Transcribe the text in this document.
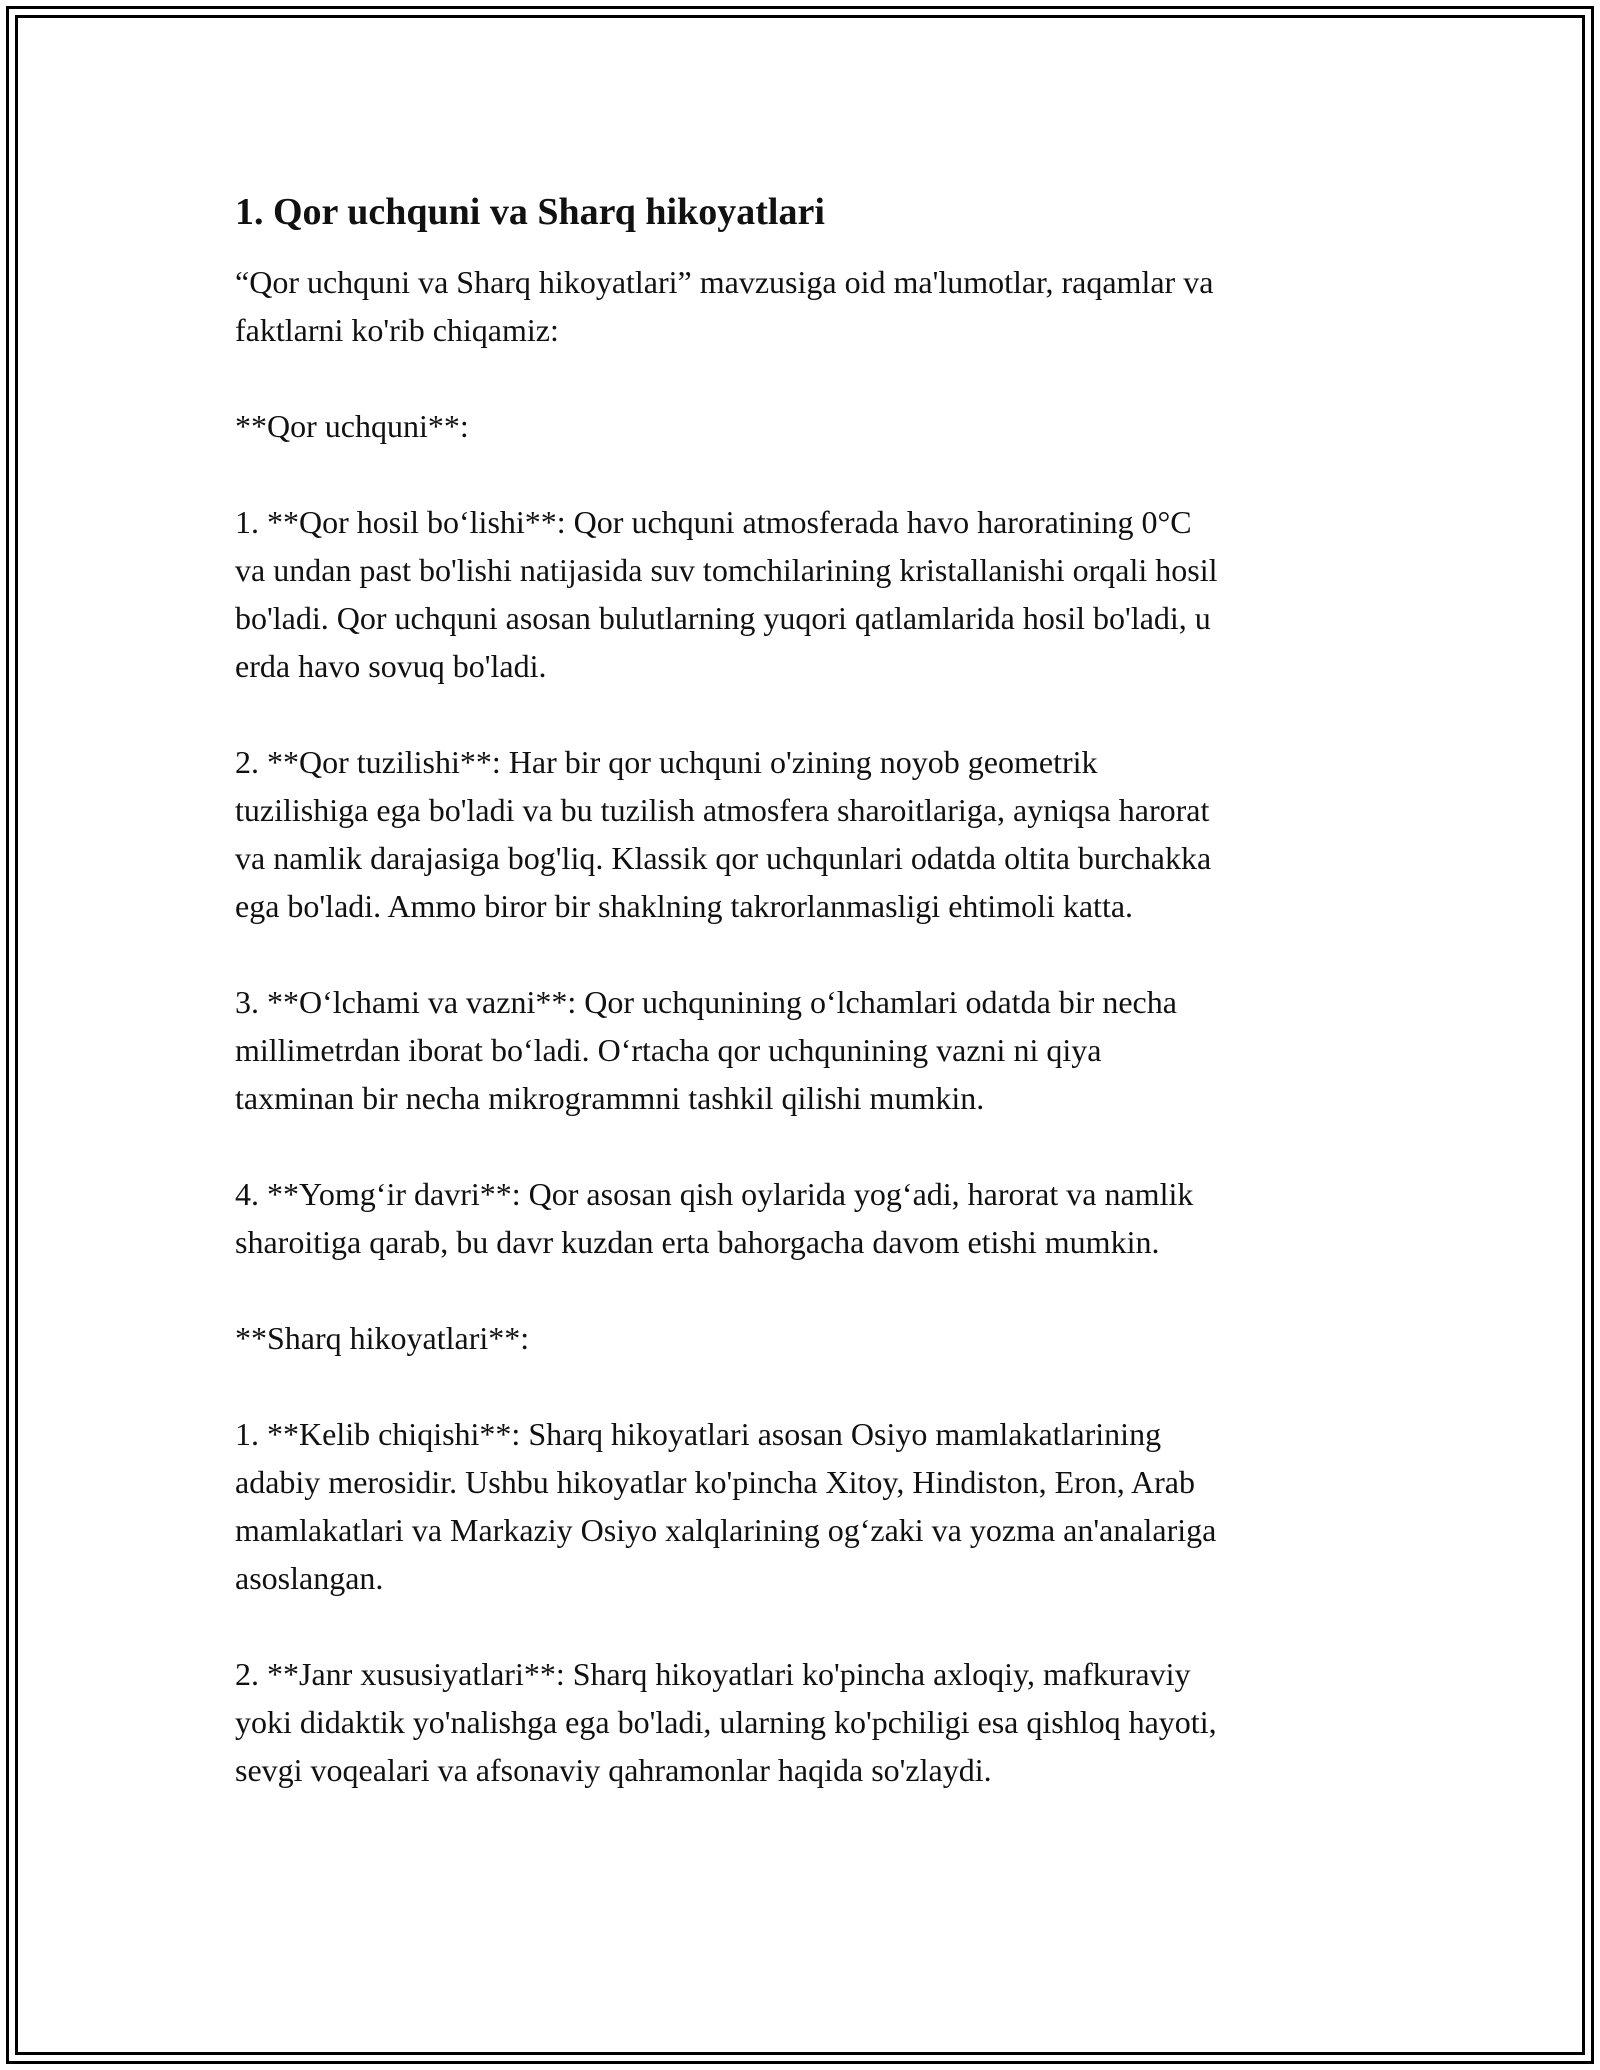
1. Qor uchquni va Sharq hikoyatlari

“Qor uchquni va Sharq hikoyatlari” mavzusiga oid ma'lumotlar, raqamlar va
faktlarni ko'rib chiqamiz:

**Qor uchquni**:

1. **Qor hosil bo‘lishi**: Qor uchquni atmosferada havo haroratining 0°C
va undan past bo'lishi natijasida suv tomchilarining kristallanishi orqali hosil
bo'ladi. Qor uchquni asosan bulutlarning yuqori qatlamlarida hosil bo'ladi, u
erda havo sovuq bo'ladi.

2. **Qor tuzilishi**: Har bir qor uchquni o'zining noyob geometrik
tuzilishiga ega bo'ladi va bu tuzilish atmosfera sharoitlariga, ayniqsa harorat
va namlik darajasiga bog'liq. Klassik qor uchqunlari odatda oltita burchakka
ega bo'ladi. Ammo biror bir shaklning takrorlanmasligi ehtimoli katta.

3. **O‘lchami va vazni**: Qor uchqunining o‘lchamlari odatda bir necha
millimetrdan iborat bo‘ladi. O‘rtacha qor uchqunining vazni ni qiya
taxminan bir necha mikrogrammni tashkil qilishi mumkin.

4. **Yomg‘ir davri**: Qor asosan qish oylarida yog‘adi, harorat va namlik
sharoitiga qarab, bu davr kuzdan erta bahorgacha davom etishi mumkin.

**Sharq hikoyatlari**:

1. **Kelib chiqishi**: Sharq hikoyatlari asosan Osiyo mamlakatlarining
adabiy merosidir. Ushbu hikoyatlar ko'pincha Xitoy, Hindiston, Eron, Arab
mamlakatlari va Markaziy Osiyo xalqlarining og‘zaki va yozma an'analariga
asoslangan.

2. **Janr xususiyatlari**: Sharq hikoyatlari ko'pincha axloqiy, mafkuraviy
yoki didaktik yo'nalishga ega bo'ladi, ularning ko'pchiligi esa qishloq hayoti,
sevgi voqealari va afsonaviy qahramonlar haqida so'zlaydi.
